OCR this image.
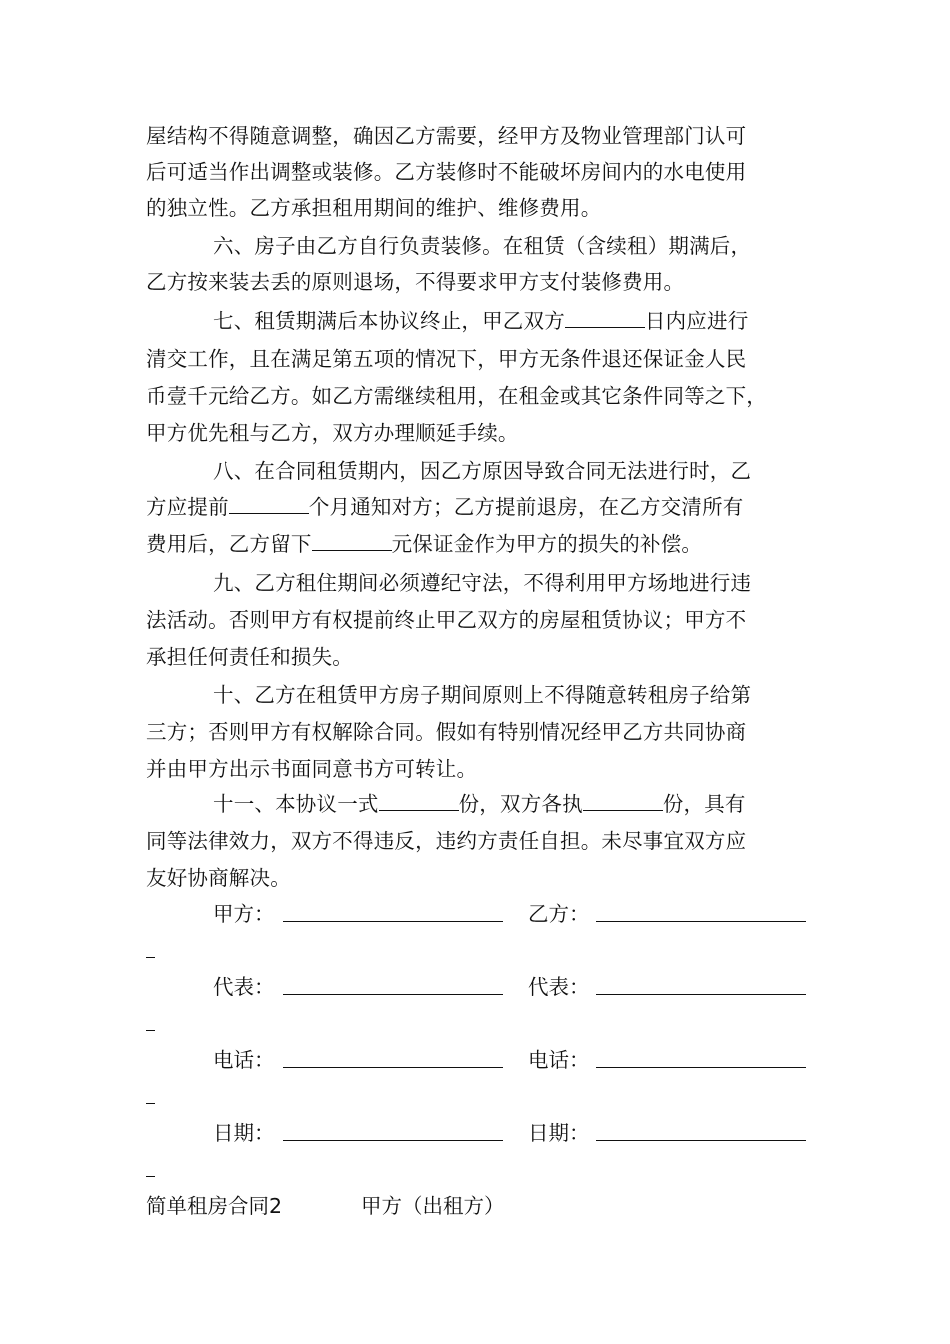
屋结构不得随意调整，确因乙方需要，经甲方及物业管理部门认可
后可适当作出调整或装修。乙方装修时不能破坏房间内的水电使用
的独立性。乙方承担租用期间的维护、维修费用。
六、房子由乙方自行负责装修。在租赁（含续租）期满后，
乙方按来装去丢的原则退场，不得要求甲方支付装修费用。
七、租赁期满后本协议终止，甲乙双方	日内应进行
清交工作，且在满足第五项的情况下，甲方无条件退还保证金人民
币壹千元给乙方。如乙方需继续租用，在租金或其它条件同等之下，
甲方优先租与乙方，双方办理顺延手续。
八、在合同租赁期内，因乙方原因导致合同无法进行时，乙
方应提前	个月通知对方；乙方提前退房，在乙方交清所有
费用后，乙方留下	元保证金作为甲方的损失的补偿。
九、乙方租住期间必须遵纪守法，不得利用甲方场地进行违
法活动。否则甲方有权提前终止甲乙双方的房屋租赁协议；甲方不
承担任何责任和损失。
十、乙方在租赁甲方房子期间原则上不得随意转租房子给第
三方；否则甲方有权解除合同。假如有特别情况经甲乙方共同协商
并由甲方出示书面同意书方可转让。
十一、本协议一式	份，双方各执	份，具有
同等法律效力，双方不得违反，违约方责任自担。未尽事宜双方应
友好协商解决。
甲方：	乙方：
代表：	代表：
电话：	电话：
日期：	日期：
简单租房合同2	甲方（出租方）
